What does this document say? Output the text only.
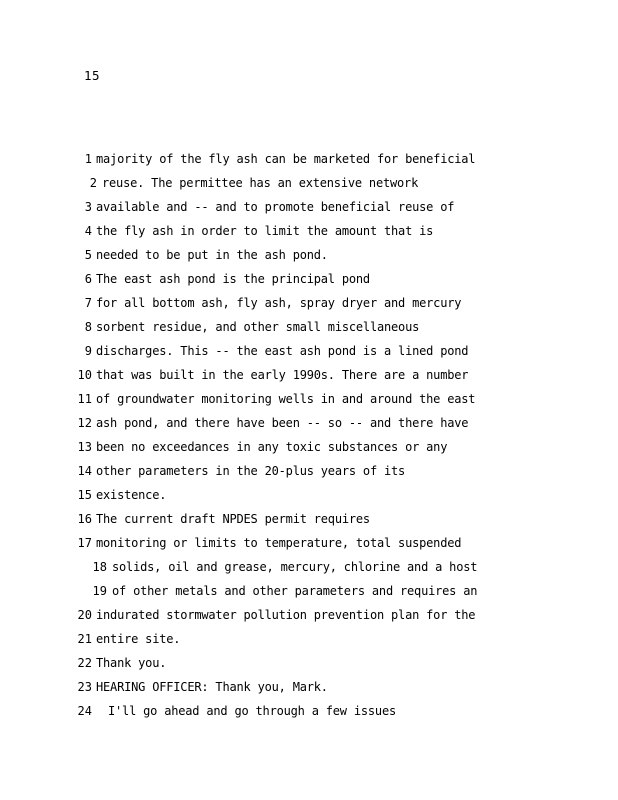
15
1 majority of the fly ash can be marketed for beneficial
2 reuse. The permittee has an extensive network
3 available and -- and to promote beneficial reuse of
4 the fly ash in order to limit the amount that is
5 needed to be put in the ash pond.
6 The east ash pond is the principal pond
7 for all bottom ash, fly ash, spray dryer and mercury
8 sorbent residue, and other small miscellaneous
9 discharges. This -- the east ash pond is a lined pond
10 that was built in the early 1990s. There are a number
11 of groundwater monitoring wells in and around the east
12 ash pond, and there have been -- so -- and there have
13 been no exceedances in any toxic substances or any
14 other parameters in the 20-plus years of its
15 existence.
16 The current draft NPDES permit requires
17 monitoring or limits to temperature, total suspended
18 solids, oil and grease, mercury, chlorine and a host
19 of other metals and other parameters and requires an
20 indurated stormwater pollution prevention plan for the
21 entire site.
22 Thank you.
23 HEARING OFFICER: Thank you, Mark.
24 I'll go ahead and go through a few issues
